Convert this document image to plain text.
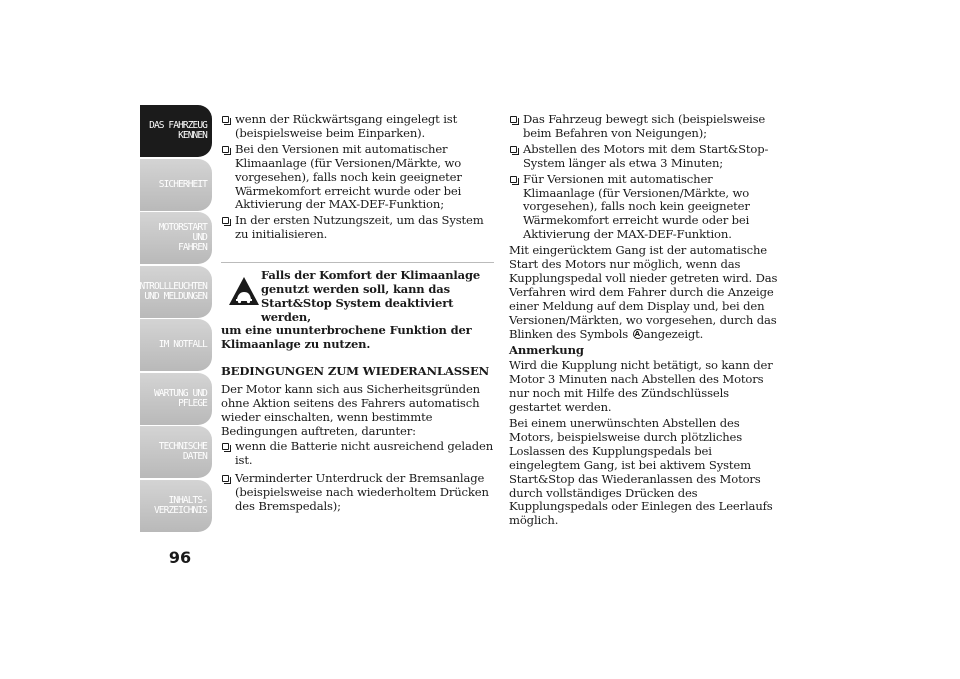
DAS FAHRZEUG
KENNEN
SICHERHEIT
MOTORSTART UND
FAHREN
KONTROLLLEUCHTEN
UND MELDUNGEN
IM NOTFALL
WARTUNG UND
PFLEGE
TECHNISCHE
DATEN
INHALTS-
VERZEICHNIS
96
wenn der Rückwärtsgang eingelegt ist (beispielsweise beim Einparken).
Bei den Versionen mit automatischer Klimaanlage (für Versionen/Märkte, wo vorgesehen), falls noch kein geeigneter Wärmekomfort erreicht wurde oder bei Aktivierung der MAX-DEF-Funktion;
In der ersten Nutzungszeit, um das System zu initialisieren.
Falls der Komfort der Klimaanlage genutzt werden soll, kann das Start&Stop System deaktiviert werden,
um eine ununterbrochene Funktion der Klimaanlage zu nutzen.
BEDINGUNGEN ZUM WIEDERANLASSEN

Der Motor kann sich aus Sicherheitsgründen ohne Aktion seitens des Fahrers automatisch wieder einschalten, wenn bestimmte Bedingungen auftreten, darunter:

wenn die Batterie nicht ausreichend geladen ist.
Verminderter Unterdruck der Bremsanlage (beispielsweise nach wiederholtem Drücken des Bremspedals);
Das Fahrzeug bewegt sich (beispielsweise beim Befahren von Neigungen);
Abstellen des Motors mit dem Start&Stop-System länger als etwa 3 Minuten;
Für Versionen mit automatischer Klimaanlage (für Versionen/Märkte, wo vorgesehen), falls noch kein geeigneter Wärmekomfort erreicht wurde oder bei Aktivierung der MAX-DEF-Funktion.

Mit eingerücktem Gang ist der automatische Start des Motors nur möglich, wenn das Kupplungspedal voll nieder getreten wird. Das Verfahren wird dem Fahrer durch die Anzeige einer Meldung auf dem Display und, bei den Versionen/Märkten, wo vorgesehen, durch das Blinken des Symbols A angezeigt.

Anmerkung

Wird die Kupplung nicht betätigt, so kann der Motor 3 Minuten nach Abstellen des Motors nur noch mit Hilfe des Zündschlüssels gestartet werden.

Bei einem unerwünschten Abstellen des Motors, beispielsweise durch plötzliches Loslassen des Kupplungspedals bei eingelegtem Gang, ist bei aktivem System Start&Stop das Wiederanlassen des Motors durch vollständiges Drücken des Kupplungspedals oder Einlegen des Leerlaufs möglich.
